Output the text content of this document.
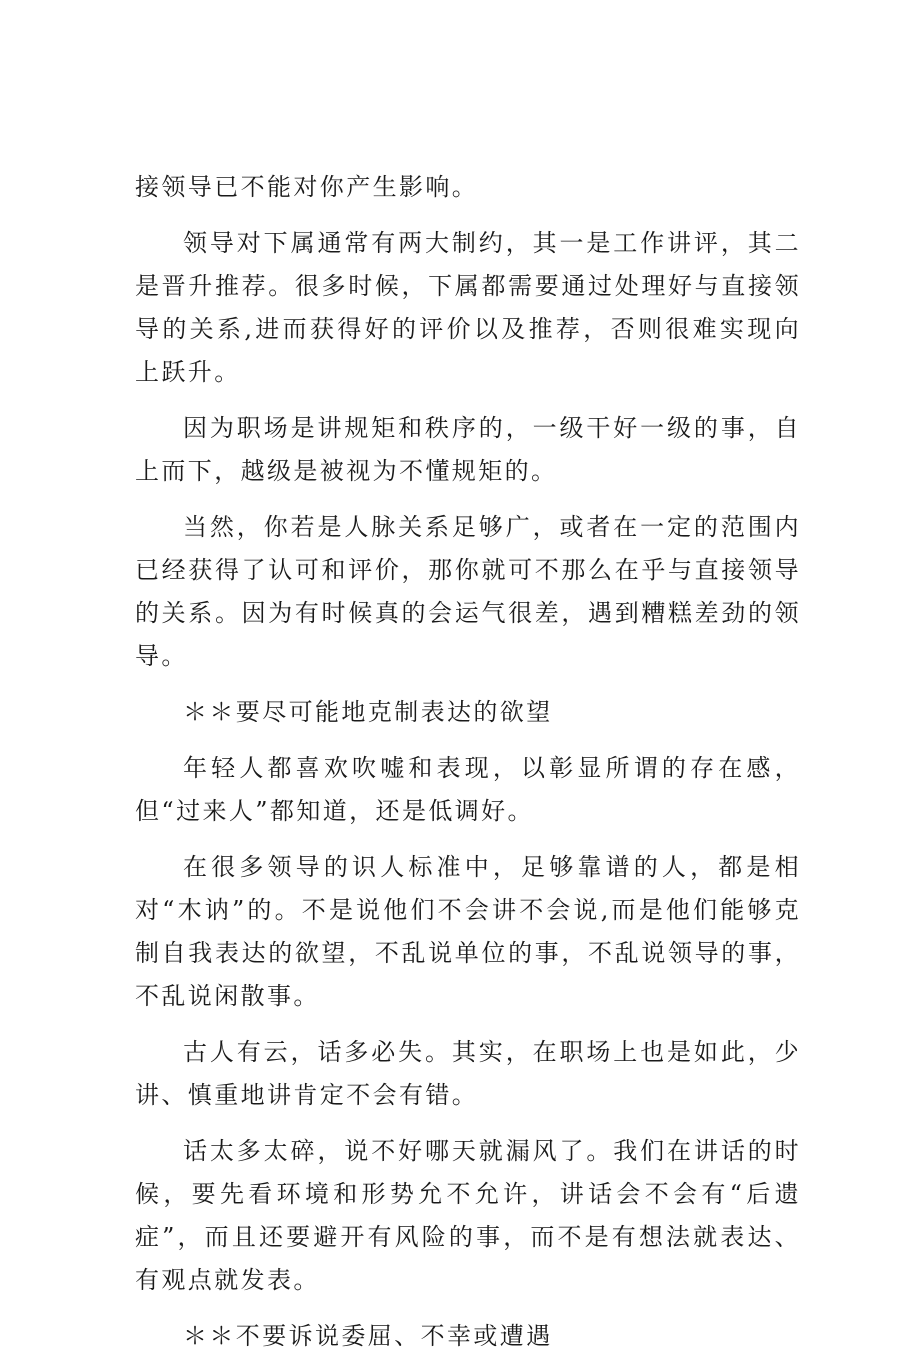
接领导已不能对你产生影响。

领导对下属通常有两大制约，其一是工作讲评，其二是晋升推荐。很多时候，下属都需要通过处理好与直接领导的关系,进而获得好的评价以及推荐，否则很难实现向上跃升。

因为职场是讲规矩和秩序的，一级干好一级的事，自上而下，越级是被视为不懂规矩的。

当然，你若是人脉关系足够广，或者在一定的范围内已经获得了认可和评价，那你就可不那么在乎与直接领导的关系。因为有时候真的会运气很差，遇到糟糕差劲的领导。

＊＊要尽可能地克制表达的欲望

年轻人都喜欢吹嘘和表现，以彰显所谓的存在感，但“过来人”都知道，还是低调好。

在很多领导的识人标准中，足够靠谱的人，都是相对“木讷”的。不是说他们不会讲不会说,而是他们能够克制自我表达的欲望，不乱说单位的事，不乱说领导的事，不乱说闲散事。

古人有云，话多必失。其实，在职场上也是如此，少讲、慎重地讲肯定不会有错。

话太多太碎，说不好哪天就漏风了。我们在讲话的时候，要先看环境和形势允不允许，讲话会不会有“后遗症”，而且还要避开有风险的事，而不是有想法就表达、有观点就发表。

＊＊不要诉说委屈、不幸或遭遇
